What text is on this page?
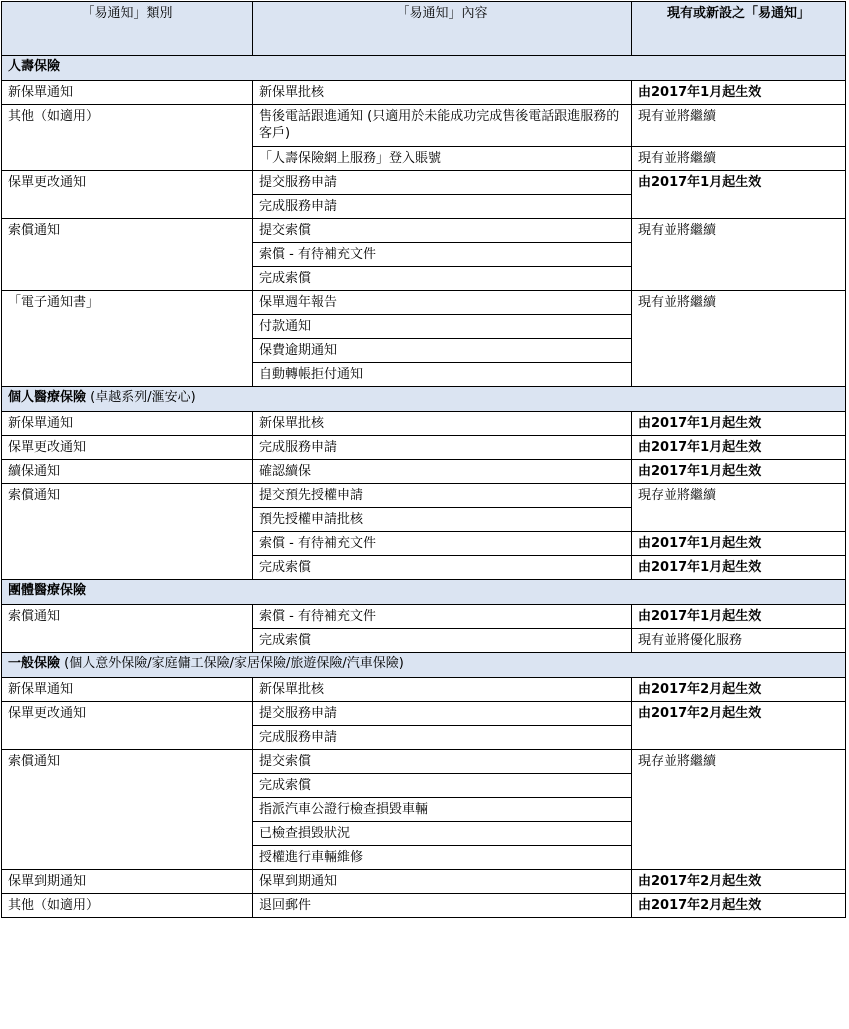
「易通知」類別	「易通知」內容	現有或新設之「易通知」
人壽保險		
新保單通知	新保單批核	由2017年1月起生效
其他（如適用）	售後電話跟進通知 (只適用於未能成功完成售後電話跟進服務的客戶)	現有並將繼續
	「人壽保險網上服務」登入賬號	現有並將繼續
保單更改通知	提交服務申請	由2017年1月起生效
	完成服務申請	
索償通知	提交索償	現有並將繼續
	索償 - 有待補充文件	
	完成索償	
「電子通知書」	保單週年報告	現有並將繼續
	付款通知	
	保費逾期通知	
	自動轉帳拒付通知	
個人醫療保險 (卓越系列/滙安心)		
新保單通知	新保單批核	由2017年1月起生效
保單更改通知	完成服務申請	由2017年1月起生效
續保通知	確認續保	由2017年1月起生效
索償通知	提交預先授權申請	現存並將繼續
	預先授權申請批核	
	索償 - 有待補充文件	由2017年1月起生效
	完成索償	由2017年1月起生效
團體醫療保險		
索償通知	索償 - 有待補充文件	由2017年1月起生效
	完成索償	現有並將優化服務
一般保險 (個人意外保險/家庭傭工保險/家居保險/旅遊保險/汽車保險)		
新保單通知	新保單批核	由2017年2月起生效
保單更改通知	提交服務申請	由2017年2月起生效
	完成服務申請	
索償通知	提交索償	現存並將繼續
	完成索償	
	指派汽車公證行檢查損毀車輛	
	已檢查損毀狀況	
	授權進行車輛維修	
保單到期通知	保單到期通知	由2017年2月起生效
其他（如適用）	退回郵件	由2017年2月起生效
